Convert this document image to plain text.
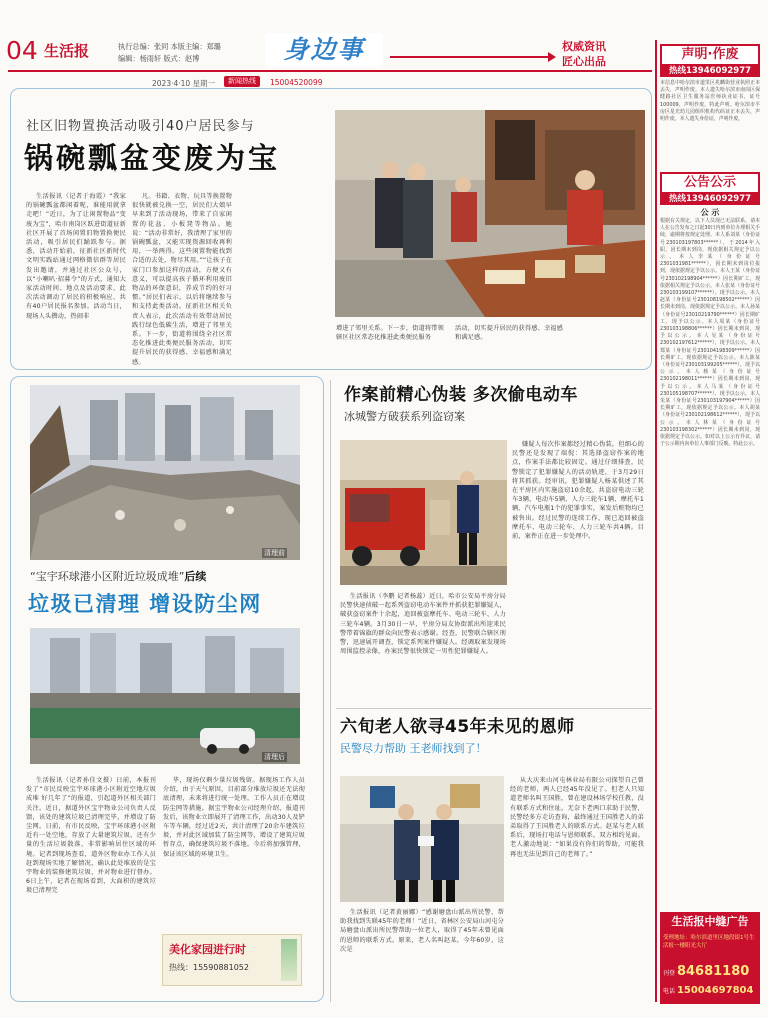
04 生活报	执行总编：张同 本版主编：郑璐
编辑：杨雨轩 版式：赵博	身边事	权威资讯
匠心出品
2023·4·10 星期一	新闻热线	15004520099
社区旧物置换活动吸引40户居民参与
锅碗瓢盆变废为宝

生活报讯（记者于海霞）“我家的锅碗瓢盆都闲着呢，谁能用就拿走吧！”近日，为了让闲置物品“变废为宝”，哈市南岗区跃进街道征新社区开展了首场闲置旧物置换便民活动，吸引居民们踊跃参与。据悉，活动开始前，征新社区新时代文明实践站通过网格微信群等居民发出邀请，并通过社区公众号，以“小喇叭·招募令”的方式，通知大家活动时间、地点及活动要求，此次活动调动了居民的积极响应，共有40户居民报名参加。活动当日，现场人头攒动，热闹非

凡。书籍、衣物、玩具等换置物很快就被兑换一空，居民们大娘早早来到了活动现场，带来了自家闲置的花盆、小板凳等物品。她说：“活动非常好，我清理了家里的锅碗瓢盆，又能实现资源回收再利用，一举两得。这些闲置物能找到合适的去处，物尽其用。”“让孩子在家门口参加这样的活动，方便又有意义，可以提高孩子循环利用废旧物品的环保意识，养成节约的好习惯。”居民们表示，以后将继续参与和支持此类活动。征新社区相关负责人表示，此次活动有效带动居民践行绿色低碳生活，增进了邻里关系。下一步，街道将围绕全社区常态化推进此类便民服务活动，切实提升居民的获得感、幸福感和满足感。

增进了邻里关系。下一步，街道将带领辖区社区常态化推进此类便民服务
活动，切实提升居民的获得感、幸福感和满足感。
清理前
“宝宇环球港小区附近垃圾成堆”后续
垃圾已清理 增设防尘网
清理后

生活报讯（记者孙佳文摄）日前，本报刊发了“市民反映宝宇环球港小区附近空地垃圾成堆 好几年了”的报道，引起道外区相关部门关注。近日，据道外区宝宇物业公司负责人反馈，该处的建筑垃圾已清理完毕，并增设了防尘网。日前，有市民反映，宝宇环球港小区附近有一处空地，存放了大量建筑垃圾，还有少量的生活垃圾散落，非常影响居住区域的环境。记者到现场查看，道外区物业办工作人员赶到现场实地了解情况，确认此处堆放的是宝宇物业的装修建筑垃圾，并对物业进行督办。6日上午，记者在现场看到，大面积的建筑垃圾已清理完

毕，现场仅剩少量垃圾残留。据现场工作人员介绍，由于天气原因，目前部分堆放垃圾还无法彻底清理，未来将进行统一处理。工作人员正在增设防尘网等措施。据宝宇物业公司经理介绍，报道刊发后，该物业立即展开了清理工作，出动30人及铲车等车辆，经过近2天，共计清理了20余车建筑垃圾，并对此区域加装了防尘网等，增设了建筑垃圾暂存点，确保建筑垃圾不落地。今后将加强管理，保证该区域的环境卫生。

美化家园进行时
热线：15590881052
作案前精心伪装 多次偷电动车
冰城警方破获系列盗窃案

嫌疑人每次作案都经过精心伪装，但细心的民警还是发现了端倪：其选择盗窃作案的地点，作案手法都比较固定。通过仔细排查，民警锁定了犯罪嫌疑人的活动轨迹，于3月29日将其抓获。经审讯，犯罪嫌疑人杨某供述了其在平房区内实施盗窃10余起，共盗窃电动三轮车3辆、电动车5辆、人力三轮车1辆、摩托车1辆、汽车电瓶1个的犯罪事实，案发后赃物均已被售出。经过民警的连续工作，现已追回被盗摩托车、电动三轮车、人力三轮车共4辆。目前，案件正在进一步处理中。

生活报讯（李鹏 记者杨蕊）近日，哈市公安局平房分局民警快速侦破一起系列盗窃电动车案件并抓获犯罪嫌疑人，破获盗窃案件十余起，追回被盗摩托车、电动三轮车、人力三轮车4辆。3月30日一早，平房分局友协街派出所迎来民警带着锦旗的群众向民警表示感谢。经查，民警联合辖区刑警，迅速展开调查，锁定系列案件嫌疑人。经调取案发现场周围监控录像，办案民警很快锁定一男性犯罪嫌疑人。

六旬老人欲寻45年未见的恩师
民警尽力帮助 王老师找到了！

从大庆来山河屯林业局有限公司探望自己曾经的老师，两人已经45年没见了。但老人只知道老师名叫王国胜，曾在建设林场学校任教，没有联系方式和住址。无奈下老两口求助于民警，民警经多方走访查询，最终通过王国胜老人的弟弟取得了王国胜老人的联系方式。赵某与老人联系后，现场打电话与恩师联系，双方相约见面。老人激动地说：“如果没有你们的帮助，可能我再也无法见到自己的老师了。”

生活报讯（记者黄丽娜）“感谢磨盘山派出所民警，帮助我找到失联45年的老师！”近日，省林区公安局山河屯分局磨盘山派出所民警帮助一位老人，取得了45年未曾见面的恩师的联系方式。原来，老人名叫赵某，今年60岁，这次是

声明·作废
热线13946092977
本信息中哈尔滨市道里区兆麟街营业执照正本丢失，声明作废。本人遗失哈尔滨市南岗区保健路社区卫生服务站医师执业证书，证号100009，声明作废。特此声明。哈尔滨市平房区星光幼儿园组织机构代码证正本丢失，声明作废。本人遗失身份证，声明作废。
公告公示
热线13946092977
公 示
根据有关规定，以下人员现已无法联系，请本人在公告发布之日起30日内到单位办理相关手续，逾期将按规定处理。本人系刘某（身份证号230103197803******），于2014年入职，因长期未到岗，现依据相关规定予以公示。本人李某（身份证号2301031981******），因长期未到岗位报到，现依据规定予以公示。本人王某（身份证号230102198904******）因长期旷工，现依据相关规定予以公示。本人张某（身份证号230103199107******），现予以公示。本人赵某（身份证号230108198502******）因长期未到岗，现依据规定予以公示。本人孙某（身份证号23010219790******）因长期旷工，现予以公示。本人周某（身份证号230103198806******）因长期未到岗，现予以公示。本人吴某（身份证号230102197612******），现予以公示。本人郑某（身份证号230104198309******）因长期旷工，现依据规定予以公示。本人陈某（身份证号230103199205******），现予以公示。本人杨某（身份证号230102198011******）因长期未到岗，现予以公示。本人马某（身份证号230105198707******），现予以公示。本人朱某（身份证号230103197904******）因长期旷工，现依据规定予以公示。本人胡某（身份证号230102198612******），现予以公示。本人林某（身份证号230103198302******）因长期未到岗，现依据规定予以公示。如对以上公示有异议，请于公示期内向单位人事部门反映。特此公示。
生活报中缝广告
受理地址：哈尔滨道里区地段街1号生活报一楼阳光大厅
刊登 84681180
电话 15004697804
